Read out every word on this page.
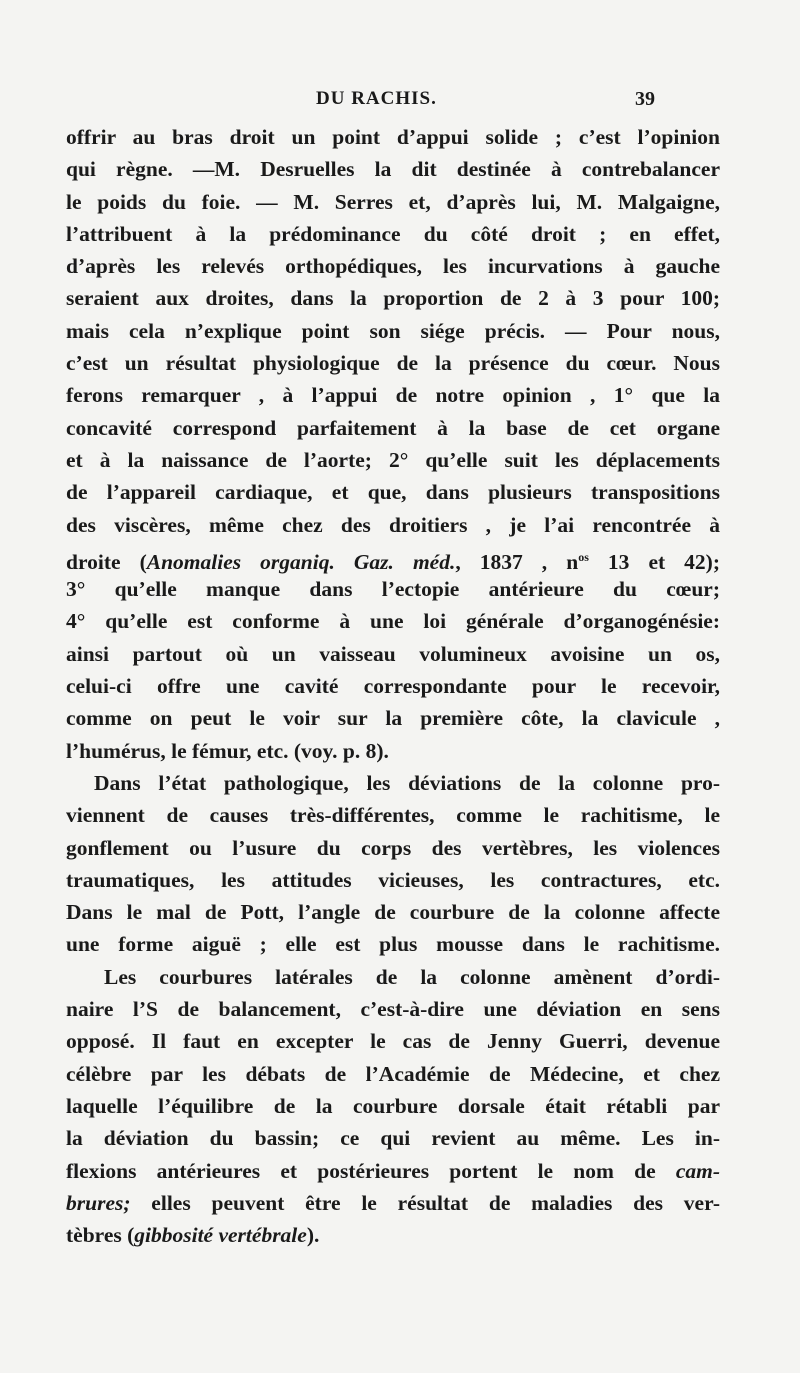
DU RACHIS.	39
offrir au bras droit un point d’appui solide ; c’est l’opinion
qui règne. —M. Desruelles la dit destinée à contrebalancer
le poids du foie. — M. Serres et, d’après lui, M. Malgaigne,
l’attribuent à la prédominance du côté droit ; en effet,
d’après les relevés orthopédiques, les incurvations à gauche
seraient aux droites, dans la proportion de 2 à 3 pour 100;
mais cela n’explique point son siége précis. — Pour nous,
c’est un résultat physiologique de la présence du cœur. Nous
ferons remarquer , à l’appui de notre opinion , 1° que la
concavité correspond parfaitement à la base de cet organe
et à la naissance de l’aorte; 2° qu’elle suit les déplacements
de l’appareil cardiaque, et que, dans plusieurs transpositions
des viscères, même chez des droitiers , je l’ai rencontrée à
droite (Anomalies organiq. Gaz. méd., 1837 , $n^{os}$ 13 et 42);
3° qu’elle manque dans l’ectopie antérieure du cœur;
4° qu’elle est conforme à une loi générale d’organogénésie:
ainsi partout où un vaisseau volumineux avoisine un os,
celui-ci offre une cavité correspondante pour le recevoir,
comme on peut le voir sur la première côte, la clavicule ,
l’humérus, le fémur, etc. (voy. p. 8).
Dans l’état pathologique, les déviations de la colonne pro-
viennent de causes très-différentes, comme le rachitisme, le
gonflement ou l’usure du corps des vertèbres, les violences
traumatiques, les attitudes vicieuses, les contractures, etc.
Dans le mal de Pott, l’angle de courbure de la colonne affecte
une forme aiguë ; elle est plus mousse dans le rachitisme.
Les courbures latérales de la colonne amènent d’ordi-
naire l’S de balancement, c’est-à-dire une déviation en sens
opposé. Il faut en excepter le cas de Jenny Guerri, devenue
célèbre par les débats de l’Académie de Médecine, et chez
laquelle l’équilibre de la courbure dorsale était rétabli par
la déviation du bassin; ce qui revient au même. Les in-
flexions antérieures et postérieures portent le nom de cam-
brures; elles peuvent être le résultat de maladies des ver-
tèbres (gibbosité vertébrale).
